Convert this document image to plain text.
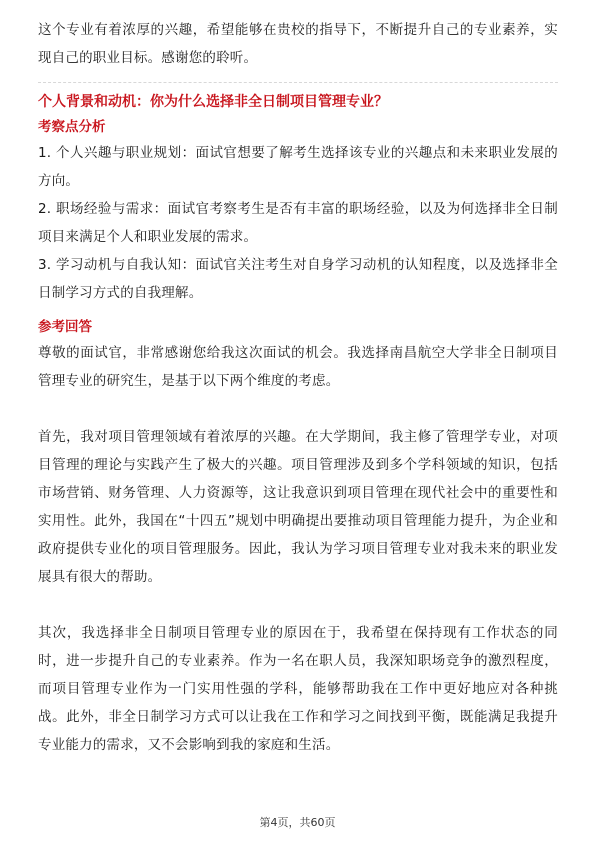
这个专业有着浓厚的兴趣，希望能够在贵校的指导下，不断提升自己的专业素养，实现自己的职业目标。感谢您的聆听。

个人背景和动机：你为什么选择非全日制项目管理专业？
考察点分析

1. 个人兴趣与职业规划：面试官想要了解考生选择该专业的兴趣点和未来职业发展的方向。

2. 职场经验与需求：面试官考察考生是否有丰富的职场经验，以及为何选择非全日制项目来满足个人和职业发展的需求。

3. 学习动机与自我认知：面试官关注考生对自身学习动机的认知程度，以及选择非全日制学习方式的自我理解。

参考回答

尊敬的面试官，非常感谢您给我这次面试的机会。我选择南昌航空大学非全日制项目管理专业的研究生，是基于以下两个维度的考虑。

首先，我对项目管理领域有着浓厚的兴趣。在大学期间，我主修了管理学专业，对项目管理的理论与实践产生了极大的兴趣。项目管理涉及到多个学科领域的知识，包括市场营销、财务管理、人力资源等，这让我意识到项目管理在现代社会中的重要性和实用性。此外，我国在“十四五”规划中明确提出要推动项目管理能力提升，为企业和政府提供专业化的项目管理服务。因此，我认为学习项目管理专业对我未来的职业发展具有很大的帮助。

其次，我选择非全日制项目管理专业的原因在于，我希望在保持现有工作状态的同时，进一步提升自己的专业素养。作为一名在职人员，我深知职场竞争的激烈程度，而项目管理专业作为一门实用性强的学科，能够帮助我在工作中更好地应对各种挑战。此外，非全日制学习方式可以让我在工作和学习之间找到平衡，既能满足我提升专业能力的需求，又不会影响到我的家庭和生活。

第4页，共60页
